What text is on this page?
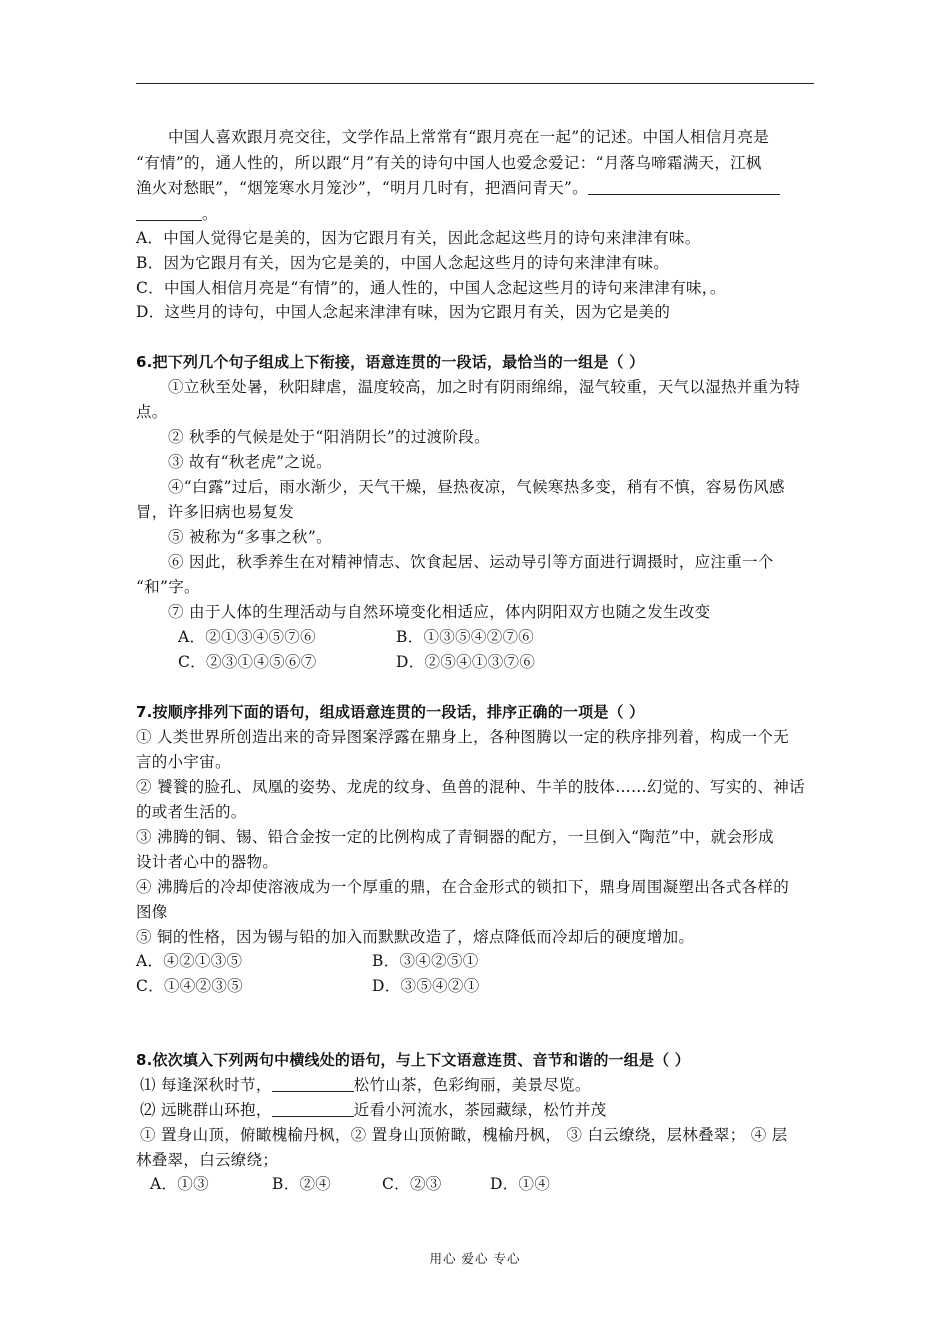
中国人喜欢跟月亮交往，文学作品上常常有“跟月亮在一起”的记述。中国人相信月亮是
“有情”的，通人性的，所以跟“月”有关的诗句中国人也爱念爱记：“月落乌啼霜满天，江枫
渔火对愁眠”，“烟笼寒水月笼沙”，“明月几时有，把酒问青天”。
。
A．中国人觉得它是美的，因为它跟月有关，因此念起这些月的诗句来津津有味。
B．因为它跟月有关，因为它是美的，中国人念起这些月的诗句来津津有味。
C．中国人相信月亮是“有情”的，通人性的，中国人念起这些月的诗句来津津有味，。
D．这些月的诗句，中国人念起来津津有味，因为它跟月有关，因为它是美的
6.把下列几个句子组成上下衔接，语意连贯的一段话，最恰当的一组是（ ）
①立秋至处暑，秋阳肆虐，温度较高，加之时有阴雨绵绵，湿气较重，天气以湿热并重为特
点。
② 秋季的气候是处于“阳消阴长”的过渡阶段。
③ 故有“秋老虎”之说。
④“白露”过后，雨水渐少，天气干燥，昼热夜凉，气候寒热多变，稍有不慎，容易伤风感
冒，许多旧病也易复发
⑤ 被称为“多事之秋”。
⑥ 因此，秋季养生在对精神情志、饮食起居、运动导引等方面进行调摄时，应注重一个
“和”字。
⑦ 由于人体的生理活动与自然环境变化相适应，体内阴阳双方也随之发生改变
A．②①③④⑤⑦⑥	B．①③⑤④②⑦⑥
C．②③①④⑤⑥⑦	D．②⑤④①③⑦⑥
7.按顺序排列下面的语句，组成语意连贯的一段话，排序正确的一项是（ ）
① 人类世界所创造出来的奇异图案浮露在鼎身上，各种图腾以一定的秩序排列着，构成一个无
言的小宇宙。
② 饕餮的脸孔、凤凰的姿势、龙虎的纹身、鱼兽的混种、牛羊的肢体……幻觉的、写实的、神话
的或者生活的。
③ 沸腾的铜、锡、铅合金按一定的比例构成了青铜器的配方，一旦倒入“陶范”中，就会形成
设计者心中的器物。
④ 沸腾后的冷却使溶液成为一个厚重的鼎，在合金形式的锁扣下，鼎身周围凝塑出各式各样的
图像
⑤ 铜的性格，因为锡与铅的加入而默默改造了，熔点降低而冷却后的硬度增加。
A．④②①③⑤	B．③④②⑤①
C．①④②③⑤	D．③⑤④②①
8.依次填入下列两句中横线处的语句，与上下文语意连贯、音节和谐的一组是（ ）
⑴ 每逢深秋时节，	松竹山茶，色彩绚丽，美景尽览。
⑵ 远眺群山环抱，	近看小河流水，茶园藏绿，松竹并茂
① 置身山顶，俯瞰槐榆丹枫，② 置身山顶俯瞰，槐榆丹枫， ③ 白云缭绕，层林叠翠； ④ 层
林叠翠，白云缭绕；
A．①③	B．②④	C．②③	D．①④
用心 爱心 专心
